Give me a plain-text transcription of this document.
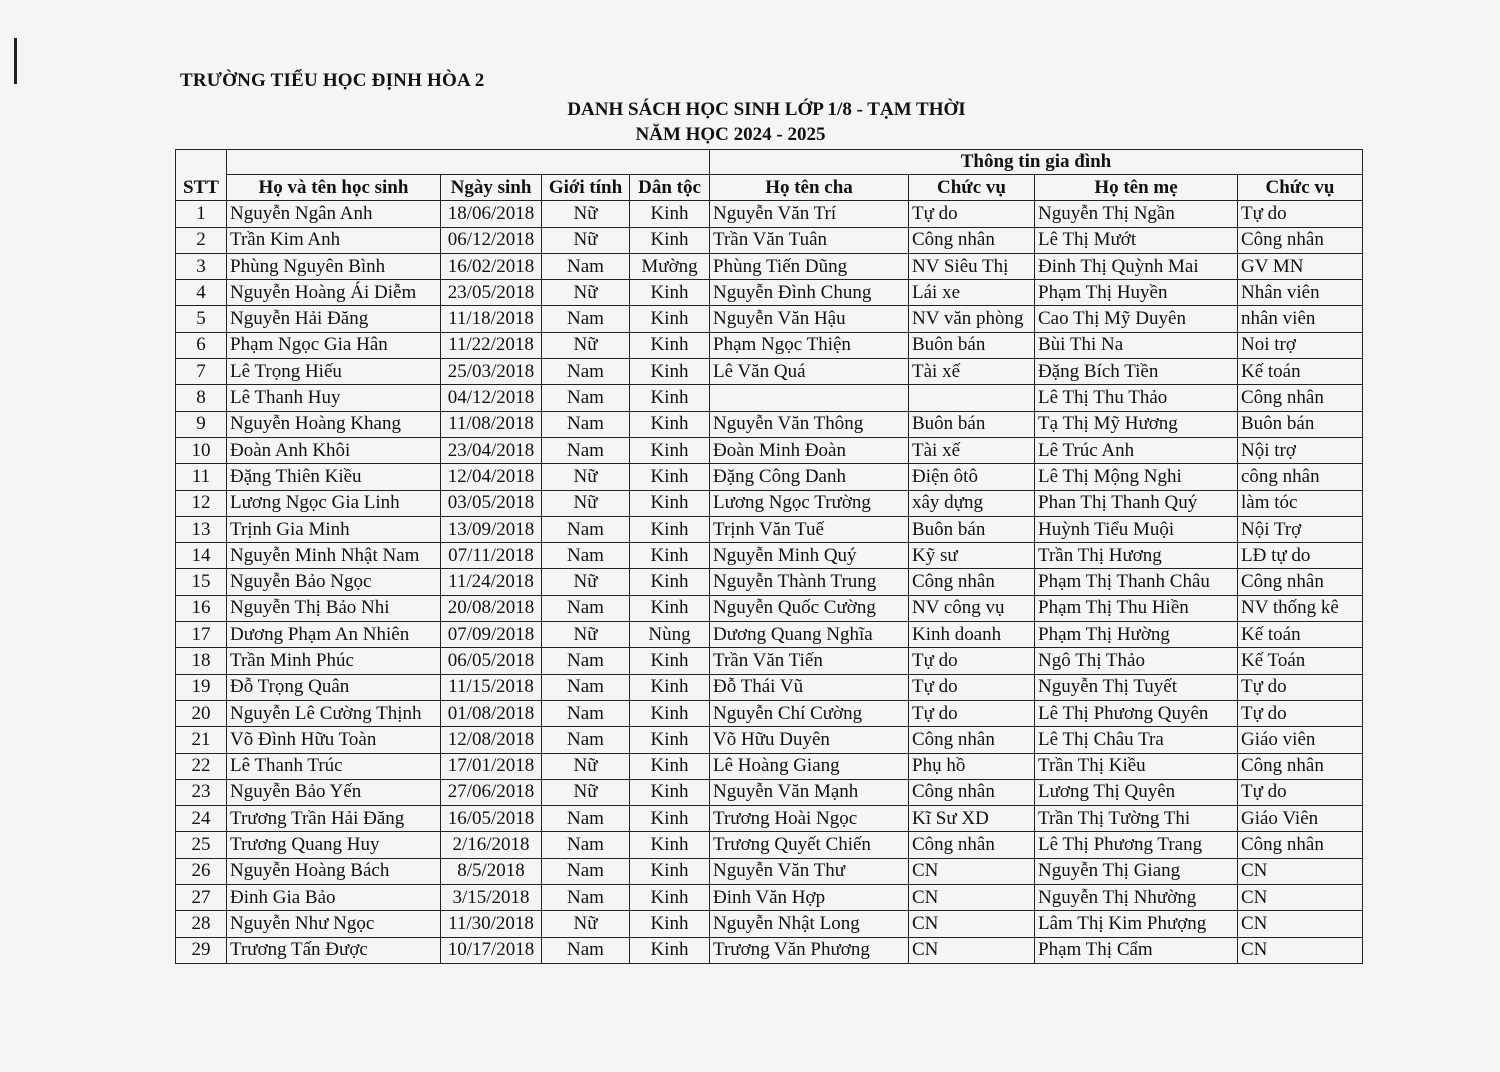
TRƯỜNG TIỂU HỌC ĐỊNH HÒA 2
DANH SÁCH HỌC SINH LỚP 1/8 - TẠM THỜI
NĂM HỌC 2024 - 2025
STT					Thông tin gia đình			
	Họ và tên học sinh	Ngày sinh	Giới tính	Dân tộc	Họ tên cha	Chức vụ	Họ tên mẹ	Chức vụ
1	Nguyễn Ngân Anh	18/06/2018	Nữ	Kinh	Nguyễn Văn Trí	Tự do	Nguyễn Thị Ngần	Tự do
2	Trần Kim Anh	06/12/2018	Nữ	Kinh	Trần Văn Tuân	Công nhân	Lê Thị Mướt	Công nhân
3	Phùng Nguyên Bình	16/02/2018	Nam	Mường	Phùng Tiến Dũng	NV Siêu Thị	Đinh Thị Quỳnh Mai	GV MN
4	Nguyễn Hoàng Ái Diễm	23/05/2018	Nữ	Kinh	Nguyễn Đình Chung	Lái xe	Phạm Thị Huyền	Nhân viên
5	Nguyễn Hải Đăng	11/18/2018	Nam	Kinh	Nguyễn Văn Hậu	NV văn phòng	Cao Thị Mỹ Duyên	nhân viên
6	Phạm Ngọc Gia Hân	11/22/2018	Nữ	Kinh	Phạm Ngọc Thiện	Buôn bán	Bùi Thi Na	Noi trợ
7	Lê Trọng Hiếu	25/03/2018	Nam	Kinh	Lê Văn Quá	Tài xế	Đặng Bích Tiền	Kế toán
8	Lê Thanh Huy	04/12/2018	Nam	Kinh			Lê Thị Thu Thảo	Công nhân
9	Nguyễn Hoàng Khang	11/08/2018	Nam	Kinh	Nguyễn Văn Thông	Buôn bán	Tạ Thị Mỹ Hương	Buôn bán
10	Đoàn Anh Khôi	23/04/2018	Nam	Kinh	Đoàn Minh Đoàn	Tài xế	Lê Trúc Anh	Nội trợ
11	Đặng Thiên Kiều	12/04/2018	Nữ	Kinh	Đặng Công Danh	Điện ôtô	Lê Thị Mộng Nghi	công nhân
12	Lương Ngọc Gia Linh	03/05/2018	Nữ	Kinh	Lương Ngọc Trường	xây dựng	Phan Thị Thanh Quý	làm tóc
13	Trịnh Gia Minh	13/09/2018	Nam	Kinh	Trịnh Văn Tuế	Buôn bán	Huỳnh Tiểu Muội	Nội Trợ
14	Nguyễn Minh Nhật Nam	07/11/2018	Nam	Kinh	Nguyễn Minh Quý	Kỹ sư	Trần Thị Hương	LĐ tự do
15	Nguyễn Bảo Ngọc	11/24/2018	Nữ	Kinh	Nguyễn Thành Trung	Công nhân	Phạm Thị Thanh Châu	Công nhân
16	Nguyễn Thị Bảo Nhi	20/08/2018	Nam	Kinh	Nguyễn Quốc Cường	NV công vụ	Phạm Thị Thu Hiền	NV thống kê
17	Dương Phạm An Nhiên	07/09/2018	Nữ	Nùng	Dương Quang Nghĩa	Kinh doanh	Phạm Thị Hường	Kế toán
18	Trần Minh Phúc	06/05/2018	Nam	Kinh	Trần Văn Tiến	Tự do	Ngô Thị Thảo	Kế Toán
19	Đỗ Trọng Quân	11/15/2018	Nam	Kinh	Đỗ Thái Vũ	Tự do	Nguyễn Thị Tuyết	Tự do
20	Nguyễn Lê Cường Thịnh	01/08/2018	Nam	Kinh	Nguyễn Chí Cường	Tự do	Lê Thị Phương Quyên	Tự do
21	Võ Đình Hữu Toàn	12/08/2018	Nam	Kinh	Võ Hữu Duyên	Công nhân	Lê Thị Châu Tra	Giáo viên
22	Lê Thanh Trúc	17/01/2018	Nữ	Kinh	Lê Hoàng Giang	Phụ hồ	Trần Thị Kiều	Công nhân
23	Nguyễn Bảo Yến	27/06/2018	Nữ	Kinh	Nguyễn Văn Mạnh	Công nhân	Lương Thị Quyên	Tự do
24	Trương Trần Hải Đăng	16/05/2018	Nam	Kinh	Trương Hoài Ngọc	Kĩ Sư XD	Trần Thị Tường Thi	Giáo Viên
25	Trương Quang Huy	2/16/2018	Nam	Kinh	Trương Quyết Chiến	Công nhân	Lê Thị Phương Trang	Công nhân
26	Nguyễn Hoàng Bách	8/5/2018	Nam	Kinh	Nguyễn Văn Thư	CN	Nguyễn Thị Giang	CN
27	Đinh Gia Bảo	3/15/2018	Nam	Kinh	Đinh Văn Hợp	CN	Nguyễn Thị Nhường	CN
28	Nguyễn Như Ngọc	11/30/2018	Nữ	Kinh	Nguyễn Nhật Long	CN	Lâm Thị Kim Phượng	CN
29	Trương Tấn Được	10/17/2018	Nam	Kinh	Trương Văn Phương	CN	Phạm Thị Cẩm	CN
